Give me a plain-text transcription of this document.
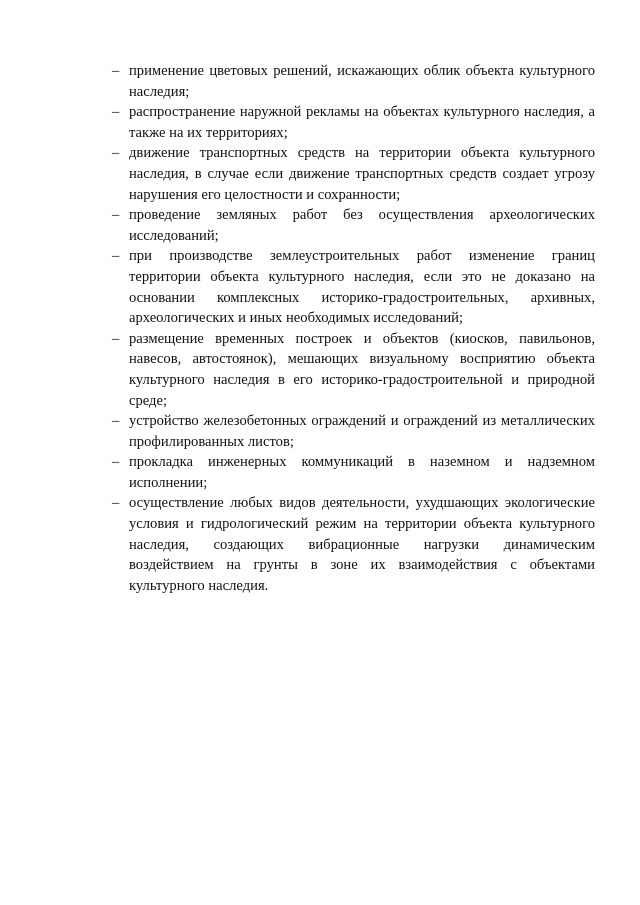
– применение цветовых решений, искажающих облик объекта культурного наследия;
– распространение наружной рекламы на объектах культурного наследия, а также на их территориях;
– движение транспортных средств на территории объекта культурного наследия, в случае если движение транспортных средств создает угрозу нарушения его целостности и сохранности;
– проведение земляных работ без осуществления археологических исследований;
– при производстве землеустроительных работ изменение границ территории объекта культурного наследия, если это не доказано на основании комплексных историко-градостроительных, архивных, археологических и иных необходимых исследований;
– размещение временных построек и объектов (киосков, павильонов, навесов, автостоянок), мешающих визуальному восприятию объекта культурного наследия в его историко-градостроительной и природной среде;
– устройство железобетонных ограждений и ограждений из металлических профилированных листов;
– прокладка инженерных коммуникаций в наземном и надземном исполнении;
– осуществление любых видов деятельности, ухудшающих экологические условия и гидрологический режим на территории объекта культурного наследия, создающих вибрационные нагрузки динамическим воздействием на грунты в зоне их взаимодействия с объектами культурного наследия.
